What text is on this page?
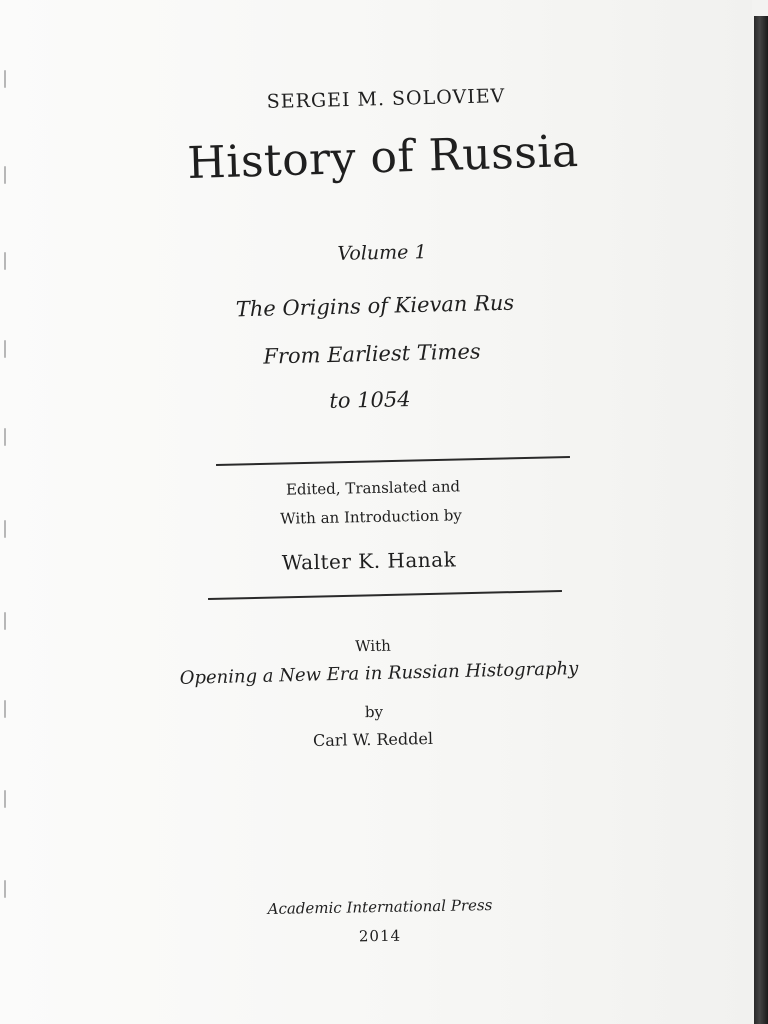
SERGEI M. SOLOVIEV
History of Russia
Volume 1
The Origins of Kievan Rus
From Earliest Times
to 1054
Edited, Translated and
With an Introduction by
Walter K. Hanak
With
Opening a New Era in Russian Histography
by
Carl W. Reddel
Academic International Press
2014
